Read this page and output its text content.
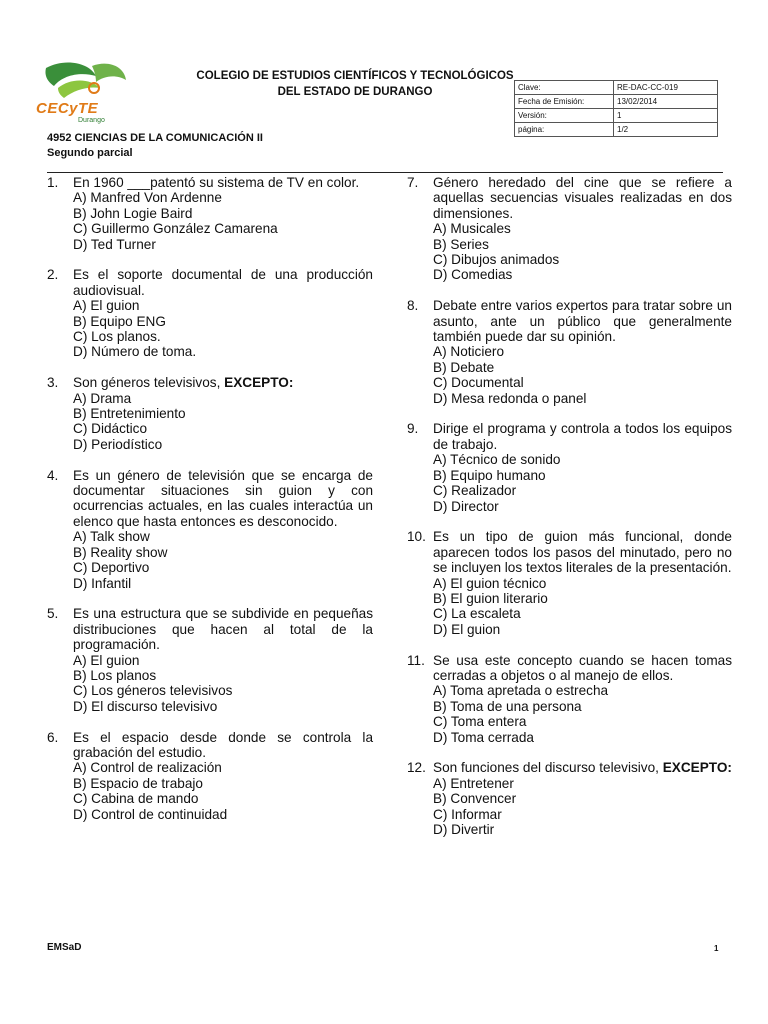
CECyTE
Durango
COLEGIO DE ESTUDIOS CIENTÍFICOS Y TECNOLÓGICOS
DEL ESTADO DE DURANGO	Clave:	RE-DAC-CC-019
Fecha de Emisión:	13/02/2014
Versión:	1
página:	1/2
4952 CIENCIAS DE LA COMUNICACIÓN II
Segundo parcial
1. En 1960 ___patentó su sistema de TV en color.
A) Manfred Von Ardenne
B) John Logie Baird
C) Guillermo González Camarena
D) Ted Turner
2. Es el soporte documental de una producción audiovisual.
A) El guion
B) Equipo ENG
C) Los planos.
D) Número de toma.
3. Son géneros televisivos, EXCEPTO:
A) Drama
B) Entretenimiento
C) Didáctico
D) Periodístico
4. Es un género de televisión que se encarga de documentar situaciones sin guion y con ocurrencias actuales, en las cuales interactúa un elenco que hasta entonces es desconocido.
A) Talk show
B) Reality show
C) Deportivo
D) Infantil
5. Es una estructura que se subdivide en pequeñas distribuciones que hacen al total de la programación.
A) El guion
B) Los planos
C) Los géneros televisivos
D) El discurso televisivo
6. Es el espacio desde donde se controla la grabación del estudio.
A) Control de realización
B) Espacio de trabajo
C) Cabina de mando
D) Control de continuidad
7. Género heredado del cine que se refiere a aquellas secuencias visuales realizadas en dos dimensiones.
A) Musicales
B) Series
C) Dibujos animados
D) Comedias
8. Debate entre varios expertos para tratar sobre un asunto, ante un público que generalmente también puede dar su opinión.
A) Noticiero
B) Debate
C) Documental
D) Mesa redonda o panel
9. Dirige el programa y controla a todos los equipos de trabajo.
A) Técnico de sonido
B) Equipo humano
C) Realizador
D) Director
10. Es un tipo de guion más funcional, donde aparecen todos los pasos del minutado, pero no se incluyen los textos literales de la presentación.
A) El guion técnico
B) El guion literario
C) La escaleta
D) El guion
11. Se usa este concepto cuando se hacen tomas cerradas a objetos o al manejo de ellos.
A) Toma apretada o estrecha
B) Toma de una persona
C) Toma entera
D) Toma cerrada
12. Son funciones del discurso televisivo, EXCEPTO:
A) Entretener
B) Convencer
C) Informar
D) Divertir
EMSaD	1
